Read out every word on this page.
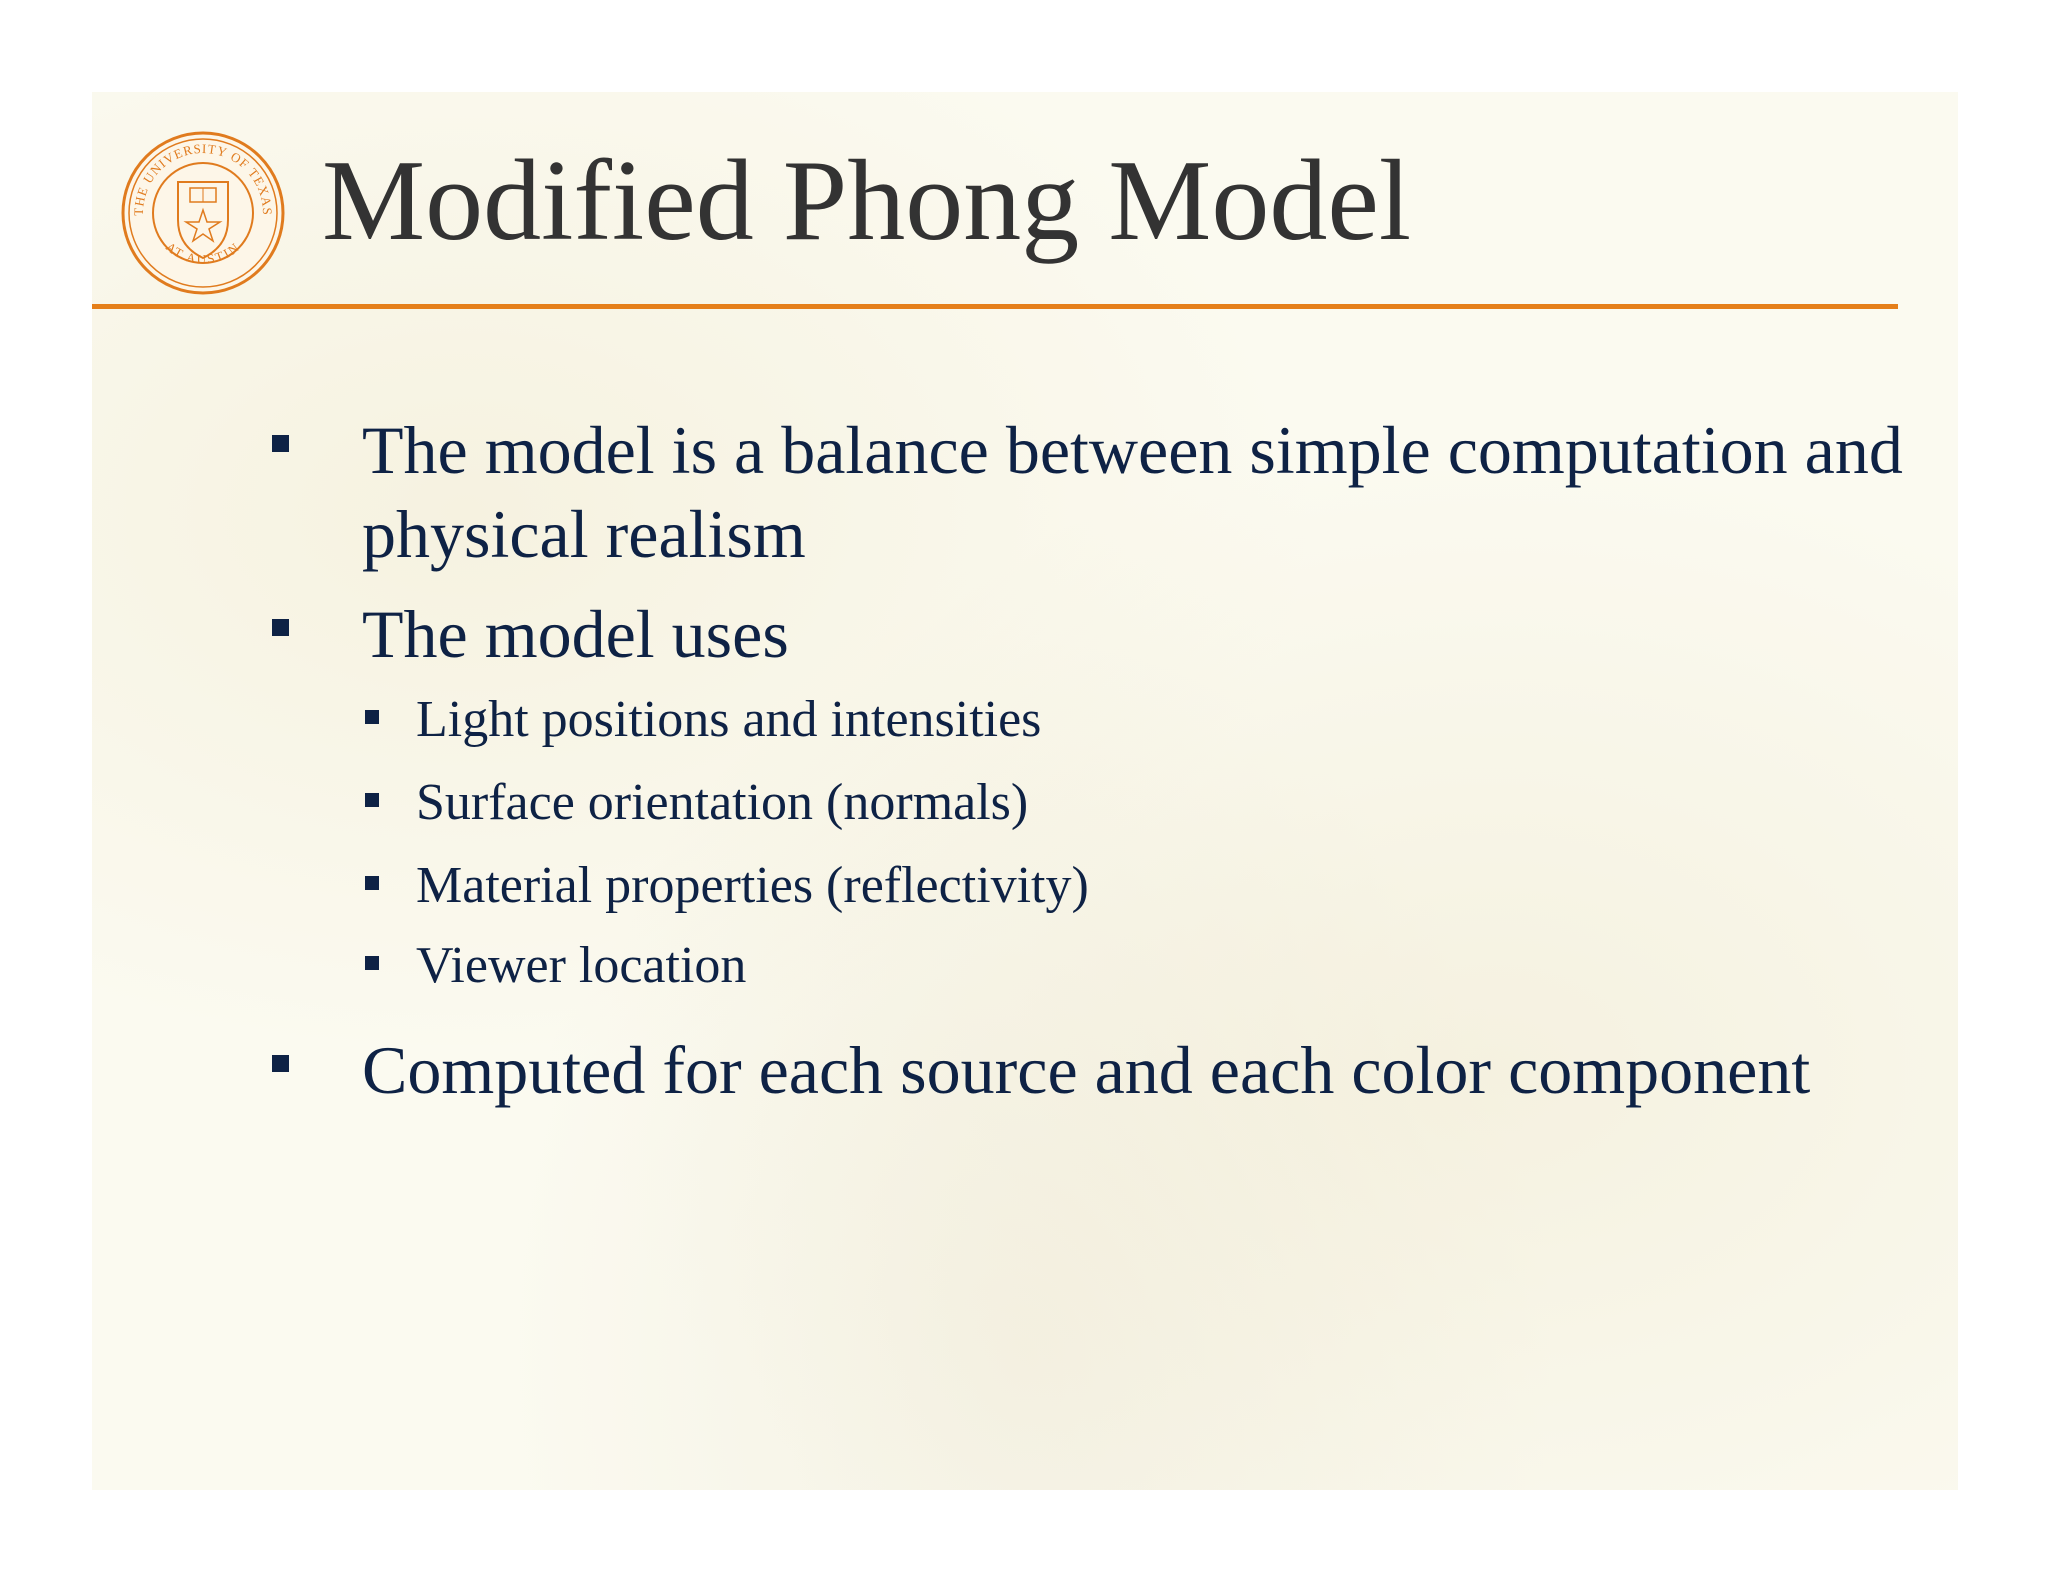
THE UNIVERSITY OF TEXAS
AT AUSTIN Modified Phong Model
The model is a balance between simple computation and physical realism
The model uses
Light positions and intensities
Surface orientation (normals)
Material properties (reflectivity)
Viewer location
Computed for each source and each color component
